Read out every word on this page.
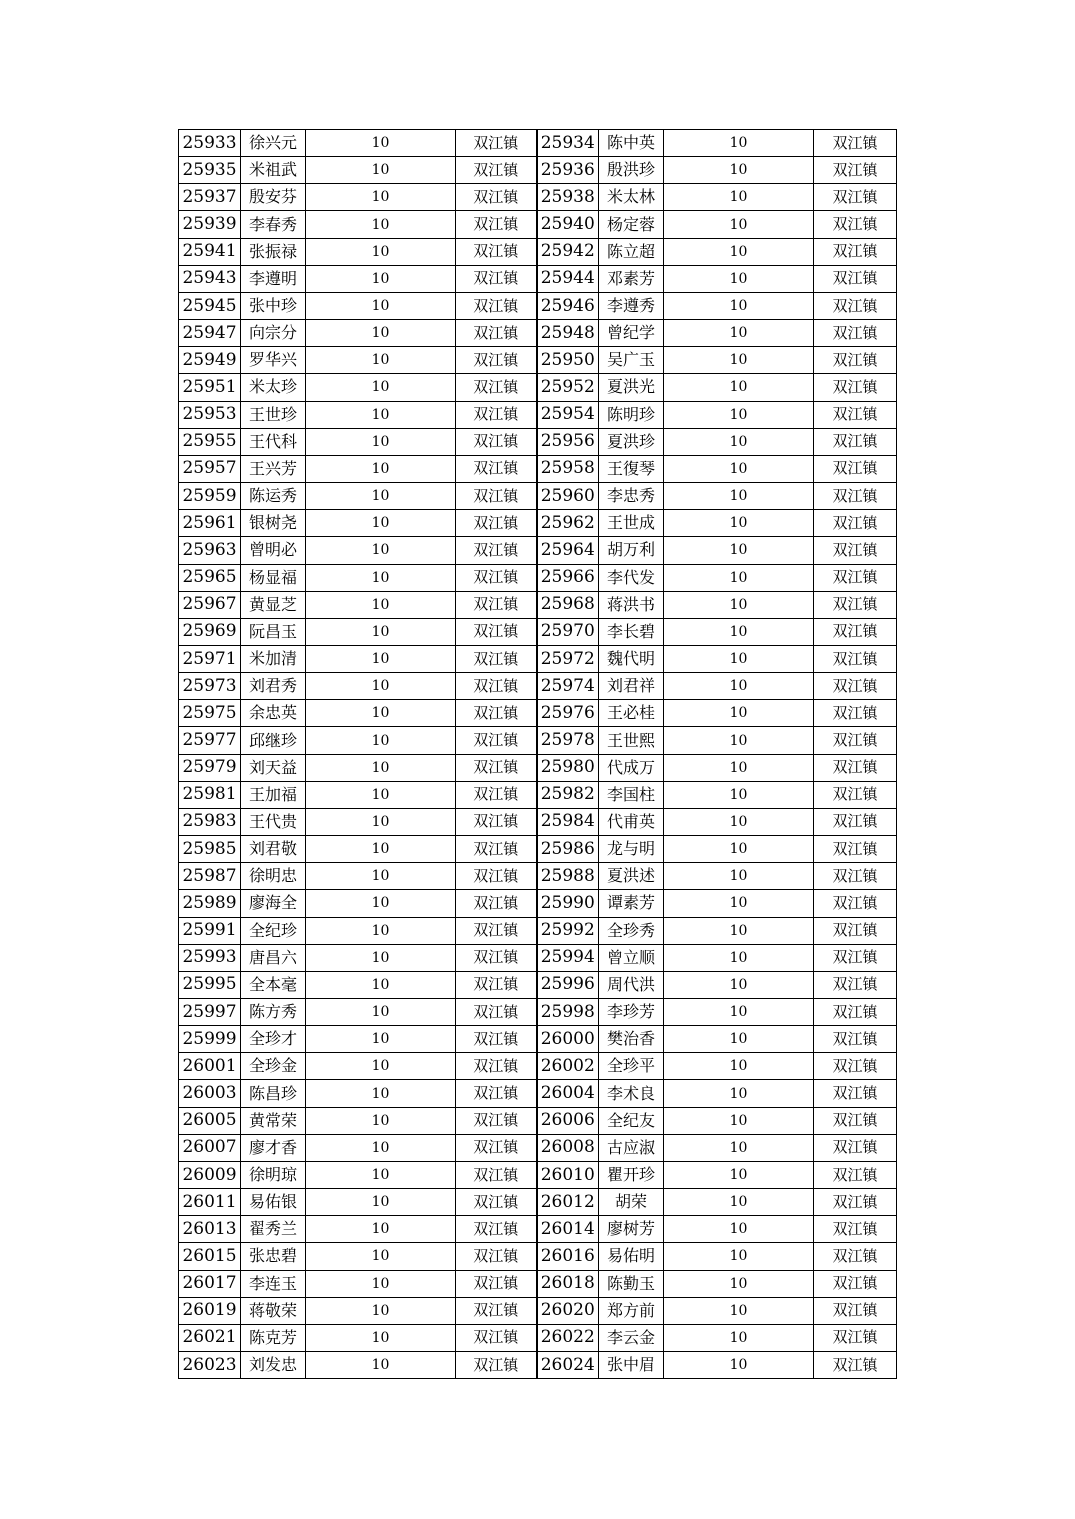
25933	徐兴元	10	双江镇	25934	陈中英	10	双江镇
25935	米祖武	10	双江镇	25936	殷洪珍	10	双江镇
25937	殷安芬	10	双江镇	25938	米太林	10	双江镇
25939	李春秀	10	双江镇	25940	杨定蓉	10	双江镇
25941	张振禄	10	双江镇	25942	陈立超	10	双江镇
25943	李遵明	10	双江镇	25944	邓素芳	10	双江镇
25945	张中珍	10	双江镇	25946	李遵秀	10	双江镇
25947	向宗分	10	双江镇	25948	曾纪学	10	双江镇
25949	罗华兴	10	双江镇	25950	吴广玉	10	双江镇
25951	米太珍	10	双江镇	25952	夏洪光	10	双江镇
25953	王世珍	10	双江镇	25954	陈明珍	10	双江镇
25955	王代科	10	双江镇	25956	夏洪珍	10	双江镇
25957	王兴芳	10	双江镇	25958	王復琴	10	双江镇
25959	陈运秀	10	双江镇	25960	李忠秀	10	双江镇
25961	银树尧	10	双江镇	25962	王世成	10	双江镇
25963	曾明必	10	双江镇	25964	胡万利	10	双江镇
25965	杨显福	10	双江镇	25966	李代发	10	双江镇
25967	黄显芝	10	双江镇	25968	蒋洪书	10	双江镇
25969	阮昌玉	10	双江镇	25970	李长碧	10	双江镇
25971	米加清	10	双江镇	25972	魏代明	10	双江镇
25973	刘君秀	10	双江镇	25974	刘君祥	10	双江镇
25975	余忠英	10	双江镇	25976	王必桂	10	双江镇
25977	邱继珍	10	双江镇	25978	王世熙	10	双江镇
25979	刘天益	10	双江镇	25980	代成万	10	双江镇
25981	王加福	10	双江镇	25982	李国柱	10	双江镇
25983	王代贵	10	双江镇	25984	代甫英	10	双江镇
25985	刘君敬	10	双江镇	25986	龙与明	10	双江镇
25987	徐明忠	10	双江镇	25988	夏洪述	10	双江镇
25989	廖海全	10	双江镇	25990	谭素芳	10	双江镇
25991	全纪珍	10	双江镇	25992	全珍秀	10	双江镇
25993	唐昌六	10	双江镇	25994	曾立顺	10	双江镇
25995	全本毫	10	双江镇	25996	周代洪	10	双江镇
25997	陈方秀	10	双江镇	25998	李珍芳	10	双江镇
25999	全珍才	10	双江镇	26000	樊治香	10	双江镇
26001	全珍金	10	双江镇	26002	全珍平	10	双江镇
26003	陈昌珍	10	双江镇	26004	李术良	10	双江镇
26005	黄常荣	10	双江镇	26006	全纪友	10	双江镇
26007	廖才香	10	双江镇	26008	古应淑	10	双江镇
26009	徐明琼	10	双江镇	26010	瞿开珍	10	双江镇
26011	易佑银	10	双江镇	26012	胡荣	10	双江镇
26013	翟秀兰	10	双江镇	26014	廖树芳	10	双江镇
26015	张忠碧	10	双江镇	26016	易佑明	10	双江镇
26017	李连玉	10	双江镇	26018	陈勤玉	10	双江镇
26019	蒋敬荣	10	双江镇	26020	郑方前	10	双江镇
26021	陈克芳	10	双江镇	26022	李云金	10	双江镇
26023	刘发忠	10	双江镇	26024	张中眉	10	双江镇
